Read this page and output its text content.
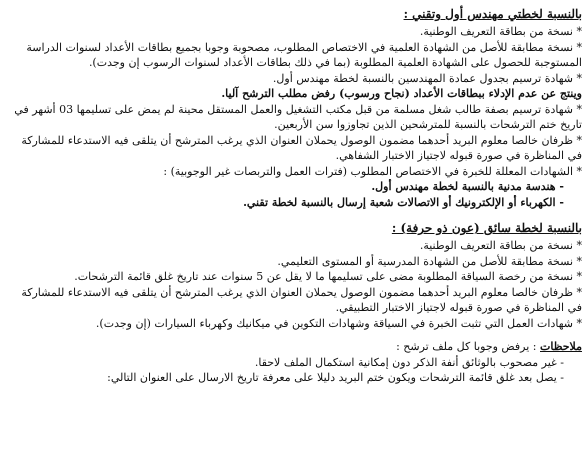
بالنسبة لخطتي مهندس أول وتقني :
* نسخة من بطاقة التعريف الوطنية.
* نسخة مطابقة للأصل من الشهادة العلمية في الاختصاص المطلوب، مصحوبة وجوبا بجميع بطاقات الأعداد لسنوات الدراسة المستوجبة للحصول على الشهادة العلمية المطلوبة (بما في ذلك بطاقات الأعداد لسنوات الرسوب إن وجدت).
* شهادة ترسيم بجدول عمادة المهندسين بالنسبة لخطة مهندس أول.
وينتج عن عدم الإدلاء ببطاقات الأعداد (نجاح ورسوب) رفض مطلب الترشح آليا.
* شهادة ترسيم بصفة طالب شغل مسلمة من قبل مكتب التشغيل والعمل المستقل محينة لم يمض على تسليمها 03 أشهر في تاريخ ختم الترشحات بالنسبة للمترشحين الذين تجاوزوا سن الأربعين.
* ظرفان خالصا معلوم البريد أحدهما مضمون الوصول يحملان العنوان الذي يرغب المترشح أن يتلقى فيه الاستدعاء للمشاركة في المناظرة في صورة قبوله لاجتياز الاختبار الشفاهي.
* الشهادات المعللة للخبرة في الاختصاص المطلوب (فترات العمل والتربصات غير الوجوبية) :
- هندسة مدنية بالنسبة لخطة مهندس أول.
- الكهرباء أو الإلكترونيك أو الاتصالات شعبة إرسال بالنسبة لخطة تقني.
بالنسبة لخطة سائق (عون ذو حرفة) :
* نسخة من بطاقة التعريف الوطنية.
* نسخة مطابقة للأصل من الشهادة المدرسية أو المستوى التعليمي.
* نسخة من رخصة السياقة المطلوبة مضى على تسليمها ما لا يقل عن 5 سنوات عند تاريخ غلق قائمة الترشحات.
* ظرفان خالصا معلوم البريد أحدهما مضمون الوصول يحملان العنوان الذي يرغب المترشح أن يتلقى فيه الاستدعاء للمشاركة في المناظرة في صورة قبوله لاجتياز الاختبار التطبيقي.
* شهادات العمل التي تثبت الخبرة في السياقة وشهادات التكوين في ميكانيك وكهرباء السيارات (إن وجدت).
ملاحظات : يرفض وجوبا كل ملف ترشح :
- غير مصحوب بالوثائق أنفة الذكر دون إمكانية استكمال الملف لاحقا.
- يصل بعد غلق قائمة الترشحات ويكون ختم البريد دليلا على معرفة تاريخ الارسال على العنوان التالي:
